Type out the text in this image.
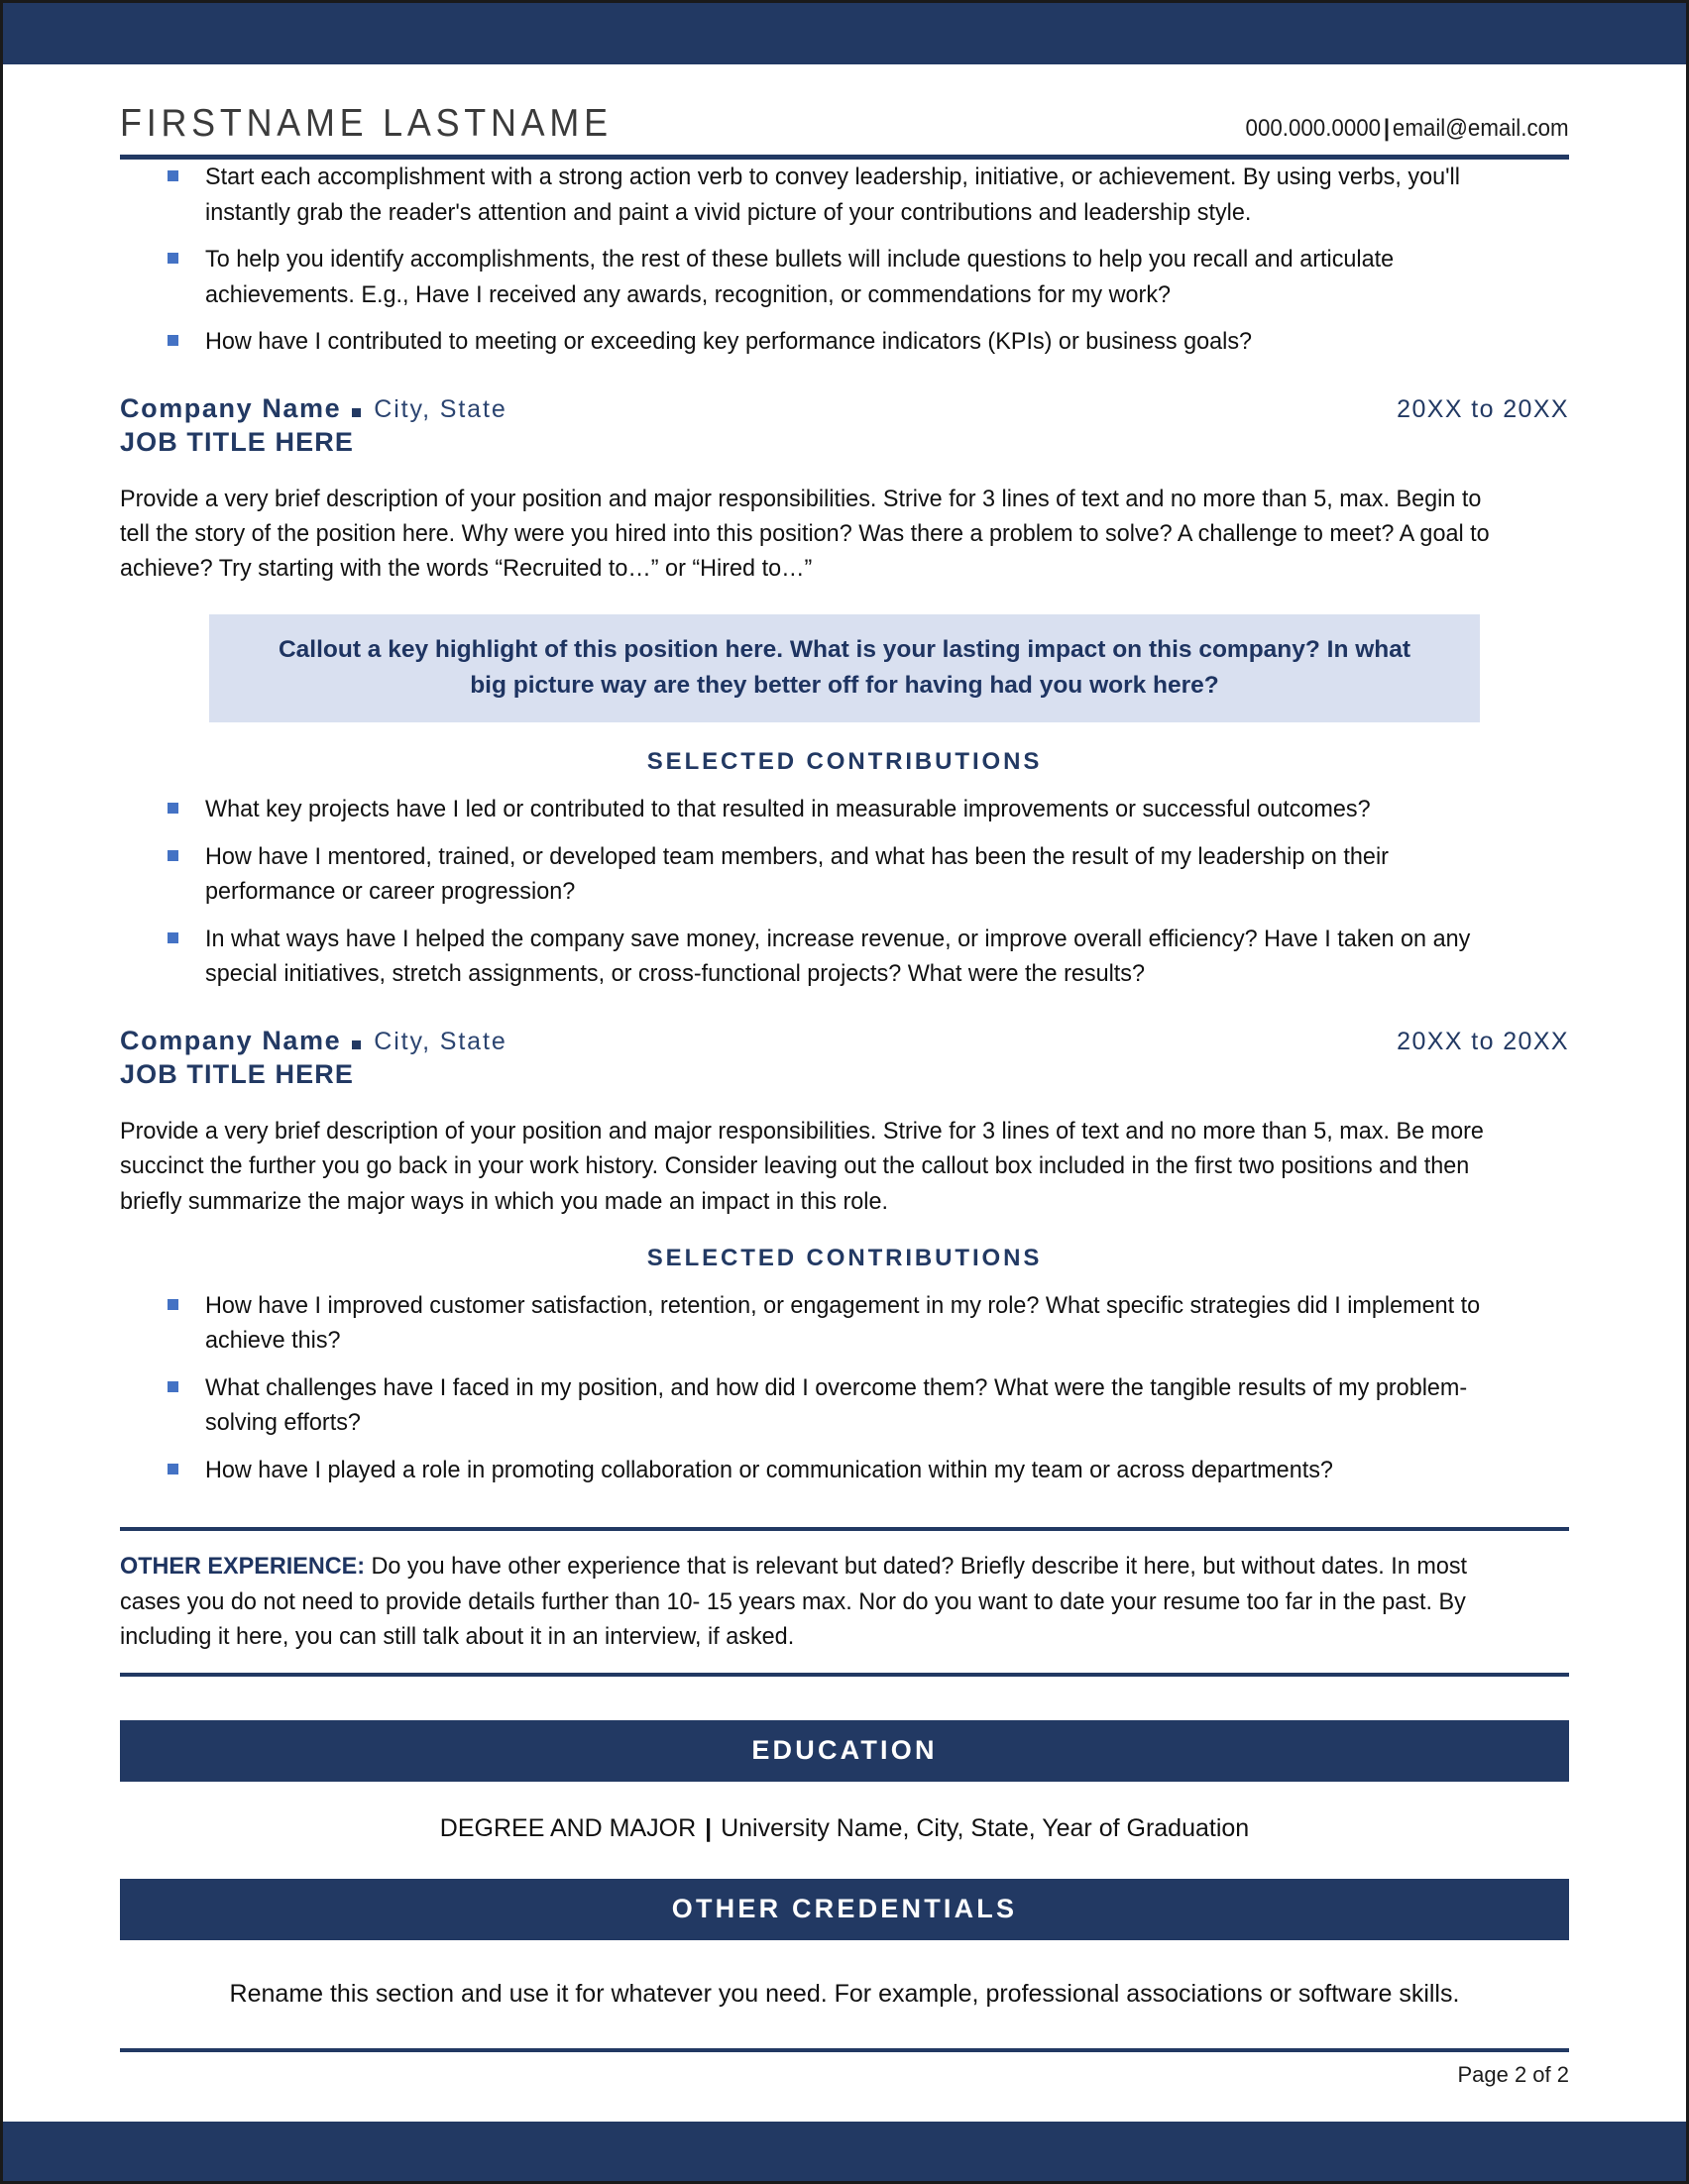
FIRSTNAME LASTNAME	000.000.0000 | email@email.com
Start each accomplishment with a strong action verb to convey leadership, initiative, or achievement. By using verbs, you'll instantly grab the reader's attention and paint a vivid picture of your contributions and leadership style.
To help you identify accomplishments, the rest of these bullets will include questions to help you recall and articulate achievements. E.g., Have I received any awards, recognition, or commendations for my work?
How have I contributed to meeting or exceeding key performance indicators (KPIs) or business goals?
Company Name City, State	20XX to 20XX
JOB TITLE HERE

Provide a very brief description of your position and major responsibilities. Strive for 3 lines of text and no more than 5, max. Begin to tell the story of the position here. Why were you hired into this position? Was there a problem to solve? A challenge to meet? A goal to achieve? Try starting with the words “Recruited to…” or “Hired to…”

Callout a key highlight of this position here. What is your lasting impact on this company? In what big picture way are they better off for having had you work here?
SELECTED CONTRIBUTIONS
What key projects have I led or contributed to that resulted in measurable improvements or successful outcomes?
How have I mentored, trained, or developed team members, and what has been the result of my leadership on their performance or career progression?
In what ways have I helped the company save money, increase revenue, or improve overall efficiency? Have I taken on any special initiatives, stretch assignments, or cross-functional projects? What were the results?
Company Name City, State	20XX to 20XX
JOB TITLE HERE

Provide a very brief description of your position and major responsibilities. Strive for 3 lines of text and no more than 5, max. Be more succinct the further you go back in your work history. Consider leaving out the callout box included in the first two positions and then briefly summarize the major ways in which you made an impact in this role.

SELECTED CONTRIBUTIONS
How have I improved customer satisfaction, retention, or engagement in my role? What specific strategies did I implement to achieve this?
What challenges have I faced in my position, and how did I overcome them? What were the tangible results of my problem-solving efforts?
How have I played a role in promoting collaboration or communication within my team or across departments?

OTHER EXPERIENCE: Do you have other experience that is relevant but dated? Briefly describe it here, but without dates. In most cases you do not need to provide details further than 10- 15 years max. Nor do you want to date your resume too far in the past. By including it here, you can still talk about it in an interview, if asked.

EDUCATION
DEGREE AND MAJOR | University Name, City, State, Year of Graduation
OTHER CREDENTIALS
Rename this section and use it for whatever you need. For example, professional associations or software skills.
Page 2 of 2
